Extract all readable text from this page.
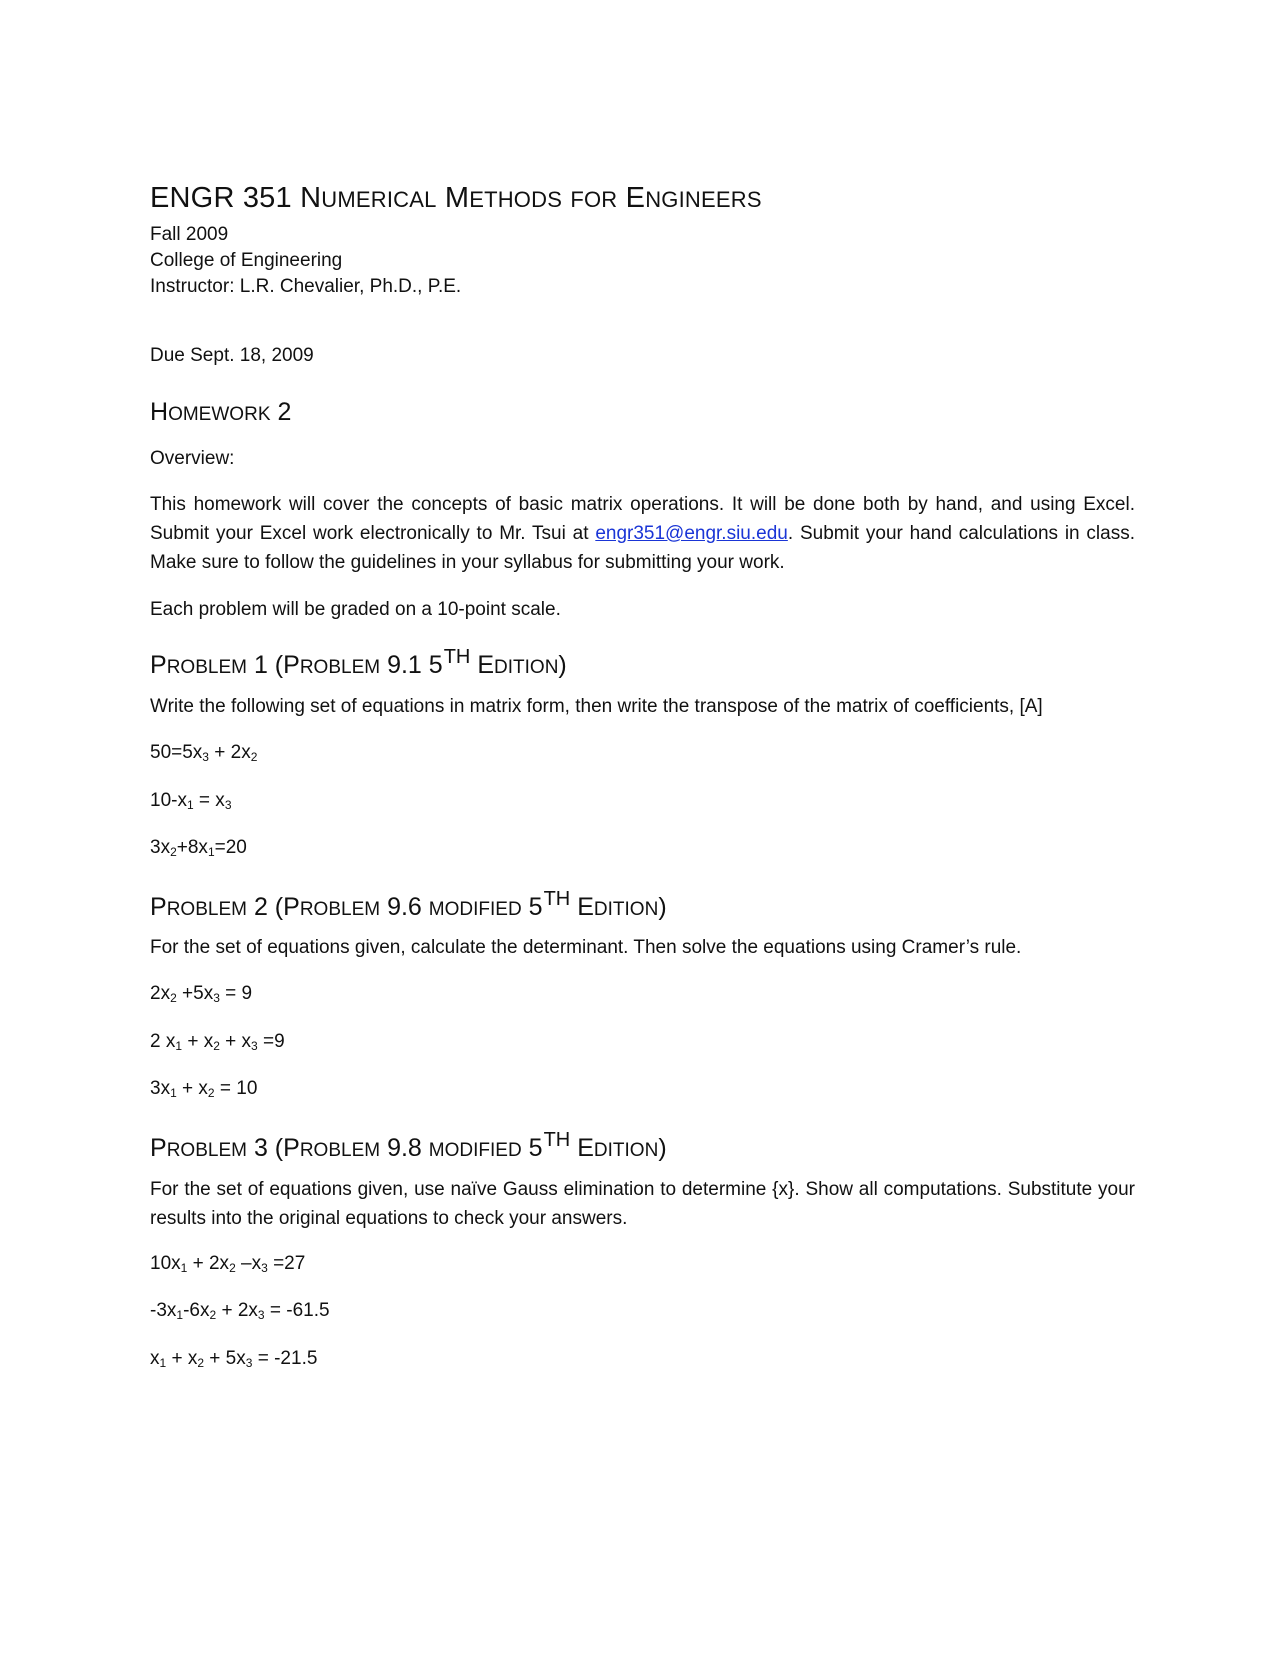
ENGR 351 NUMERICAL METHODS FOR ENGINEERS
Fall 2009
College of Engineering
Instructor: L.R. Chevalier, Ph.D., P.E.
Due Sept. 18, 2009
HOMEWORK 2
Overview:
This homework will cover the concepts of basic matrix operations. It will be done both by hand, and using Excel. Submit your Excel work electronically to Mr. Tsui at engr351@engr.siu.edu. Submit your hand calculations in class. Make sure to follow the guidelines in your syllabus for submitting your work.
Each problem will be graded on a 10-point scale.
PROBLEM 1 (PROBLEM 9.1 5TH EDITION)
Write the following set of equations in matrix form, then write the transpose of the matrix of coefficients, [A]
$50=5x_3 + 2x_2$
$10-x_1 = x_3$
$3x_2+8x_1=20$
PROBLEM 2 (PROBLEM 9.6 MODIFIED 5TH EDITION)
For the set of equations given, calculate the determinant. Then solve the equations using Cramer’s rule.
$2x_2 +5x_3 = 9$
2 $x_1 + x_2 + x_3 =9$
$3x_1 + x_2 = 10$
PROBLEM 3 (PROBLEM 9.8 MODIFIED 5TH EDITION)
For the set of equations given, use naïve Gauss elimination to determine {x}. Show all computations. Substitute your results into the original equations to check your answers.
$10x_1 + 2x_2$ $-x_3 =27$
$-3x_1-6x_2 + 2x_3 = -61.5$
$x_1 + x_2 + 5x_3 = -21.5$
